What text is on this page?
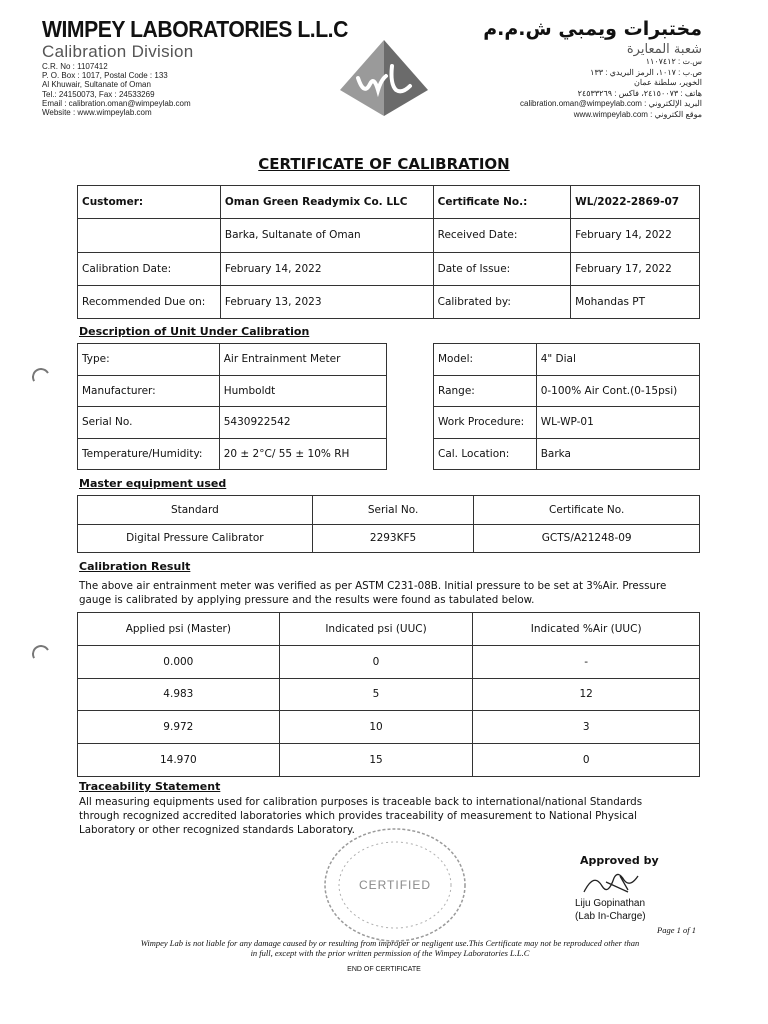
WIMPEY LABORATORIES L.L.C
Calibration Division
C.R. No : 1107412
P. O. Box : 1017, Postal Code : 133
Al Khuwair, Sultanate of Oman
Tel.: 24150073, Fax : 24533269
Email : calibration.oman@wimpeylab.com
Website : www.wimpeylab.com
مختبرات ويمبي ش.م.م
شعبة المعايرة
س.ت : ١١٠٧٤١٢
ص.ب : ١٠١٧، الرمز البريدي : ١٣٣
الخوير، سلطنة عمان
هاتف : ٢٤١٥٠٠٧٣، فاكس : ٢٤٥٣٣٢٦٩
calibration.oman@wimpeylab.com : البريد الإلكتروني
www.wimpeylab.com : موقع الكتروني
CERTIFICATE OF CALIBRATION
Customer:	Oman Green Readymix Co. LLC	Certificate No.:	WL/2022-2869-07
	Barka, Sultanate of Oman	Received Date:	February 14, 2022
Calibration Date:	February 14, 2022	Date of Issue:	February 17, 2022
Recommended Due on:	February 13, 2023	Calibrated by:	Mohandas PT
Description of Unit Under Calibration
Type:	Air Entrainment Meter
Manufacturer:	Humboldt
Serial No.	5430922542
Temperature/Humidity:	20 ± 2°C/ 55 ± 10% RH
Model:	4" Dial
Range:	0-100% Air Cont.(0-15psi)
Work Procedure:	WL-WP-01
Cal. Location:	Barka
Master equipment used
Standard	Serial No.	Certificate No.
Digital Pressure Calibrator	2293KF5	GCTS/A21248-09
Calibration Result
The above air entrainment meter was verified as per ASTM C231-08B. Initial pressure to be set at 3%Air. Pressure
gauge is calibrated by applying pressure and the results were found as tabulated below.
Applied psi (Master)	Indicated psi (UUC)	Indicated %Air (UUC)
0.000	0	-
4.983	5	12
9.972	10	3
14.970	15	0
Traceability Statement
All measuring equipments used for calibration purposes is traceable back to international/national Standards
through recognized accredited laboratories which provides traceability of measurement to National Physical
Laboratory or other recognized standards Laboratory.
CERTIFIED
Approved by
Liju Gopinathan
(Lab In-Charge)
Page 1 of 1
Wimpey Lab is not liable for any damage caused by or resulting from improper or negligent use.This Certificate may not be reproduced other than
in full, except with the prior written permission of the Wimpey Laboratories L.L.C
END OF CERTIFICATE
